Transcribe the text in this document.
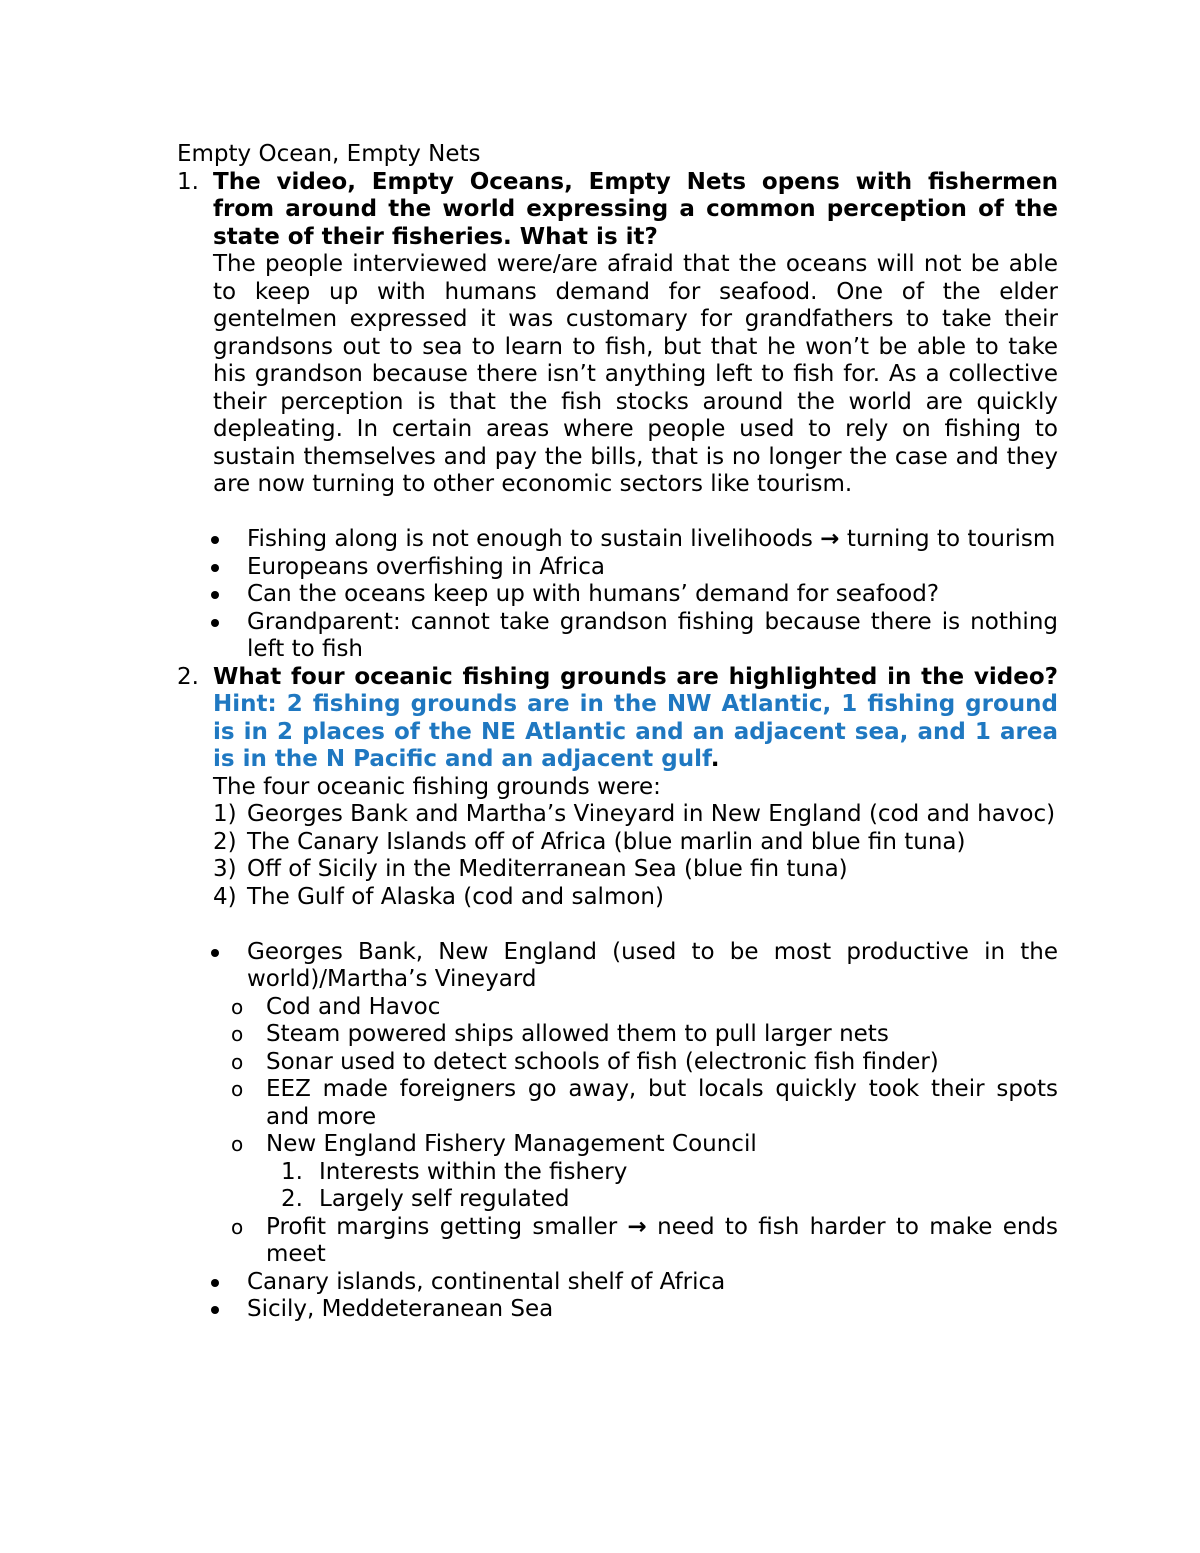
Empty Ocean, Empty Nets
1. The video, Empty Oceans, Empty Nets opens with fishermen from around the world expressing a common perception of the state of their fisheries. What is it?
The people interviewed were/are afraid that the oceans will not be able to keep up with humans demand for seafood. One of the elder gentelmen expressed it was customary for grandfathers to take their grandsons out to sea to learn to fish, but that he won’t be able to take his grandson because there isn’t anything left to fish for. As a collective their perception is that the fish stocks around the world are quickly depleating. In certain areas where people used to rely on fishing to sustain themselves and pay the bills, that is no longer the case and they are now turning to other economic sectors like tourism.
Fishing along is not enough to sustain livelihoods → turning to tourism
Europeans overfishing in Africa
Can the oceans keep up with humans’ demand for seafood?
Grandparent: cannot take grandson fishing because there is nothing left to fish
2. What four oceanic fishing grounds are highlighted in the video? Hint: 2 fishing grounds are in the NW Atlantic, 1 fishing ground is in 2 places of the NE Atlantic and an adjacent sea, and 1 area is in the N Pacific and an adjacent gulf.
The four oceanic fishing grounds were:
1) Georges Bank and Martha’s Vineyard in New England (cod and havoc)
2) The Canary Islands off of Africa (blue marlin and blue fin tuna)
3) Off of Sicily in the Mediterranean Sea (blue fin tuna)
4) The Gulf of Alaska (cod and salmon)
Georges Bank, New England (used to be most productive in the world)/Martha’s Vineyard
o Cod and Havoc
o Steam powered ships allowed them to pull larger nets
o Sonar used to detect schools of fish (electronic fish finder)
o EEZ made foreigners go away, but locals quickly took their spots and more
o New England Fishery Management Council
1. Interests within the fishery
2. Largely self regulated
o Profit margins getting smaller → need to fish harder to make ends meet
Canary islands, continental shelf of Africa
Sicily, Meddeteranean Sea
